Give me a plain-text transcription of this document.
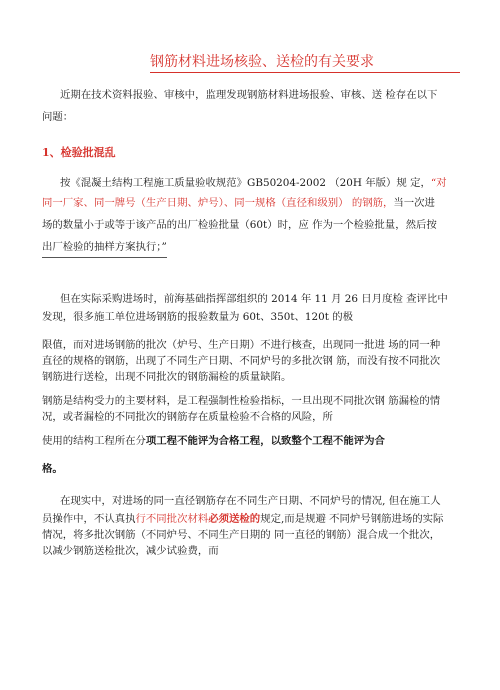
钢筋材料进场核验、送检的有关要求
近期在技术资料报验、审核中，监理发现钢筋材料进场报验、审核、送 检存在以下
问题：
1、检验批混乱
按《混凝土结构工程施工质量验收规范》GB50204-2002 （20H 年版）规 定，“对
同一厂家、同一牌号（生产日期、炉号）、同一规格（直径和级别） 的钢筋，当一次进
场的数量小于或等于该产品的出厂检验批量（60t）时，应 作为一个检验批量，然后按
出厂检验的抽样方案执行；”
但在实际采购进场时，前海基础指挥部组织的 2014 年 11 月 26 日月度检 查评比中
发现，很多施工单位进场钢筋的报验数量为 60t、350t、120t 的极
限值，而对进场钢筋的批次（炉号、生产日期）不进行核查，出现同一批进 场的同一种
直径的规格的钢筋，出现了不同生产日期、不同炉号的多批次钢 筋，而没有按不同批次
钢筋进行送检，出现不同批次的钢筋漏检的质量缺陷。
钢筋是结构受力的主要材料，是工程强制性检验指标，一旦出现不同批次钢 筋漏检的情
况，或者漏检的不同批次的钢筋存在质量检验不合格的风险，所
使用的结构工程所在分项工程不能评为合格工程，以致整个工程不能评为合
格。
在现实中，对进场的同一直径钢筋存在不同生产日期、不同炉号的情况, 但在施工人
员操作中，不认真执行不同批次材料必须送检的规定,而是规避 不同炉号钢筋进场的实际
情况，将多批次钢筋（不同炉号、不同生产日期的 同一直径的钢筋）混合成一个批次，
以减少钢筋送检批次，减少试验费，而
